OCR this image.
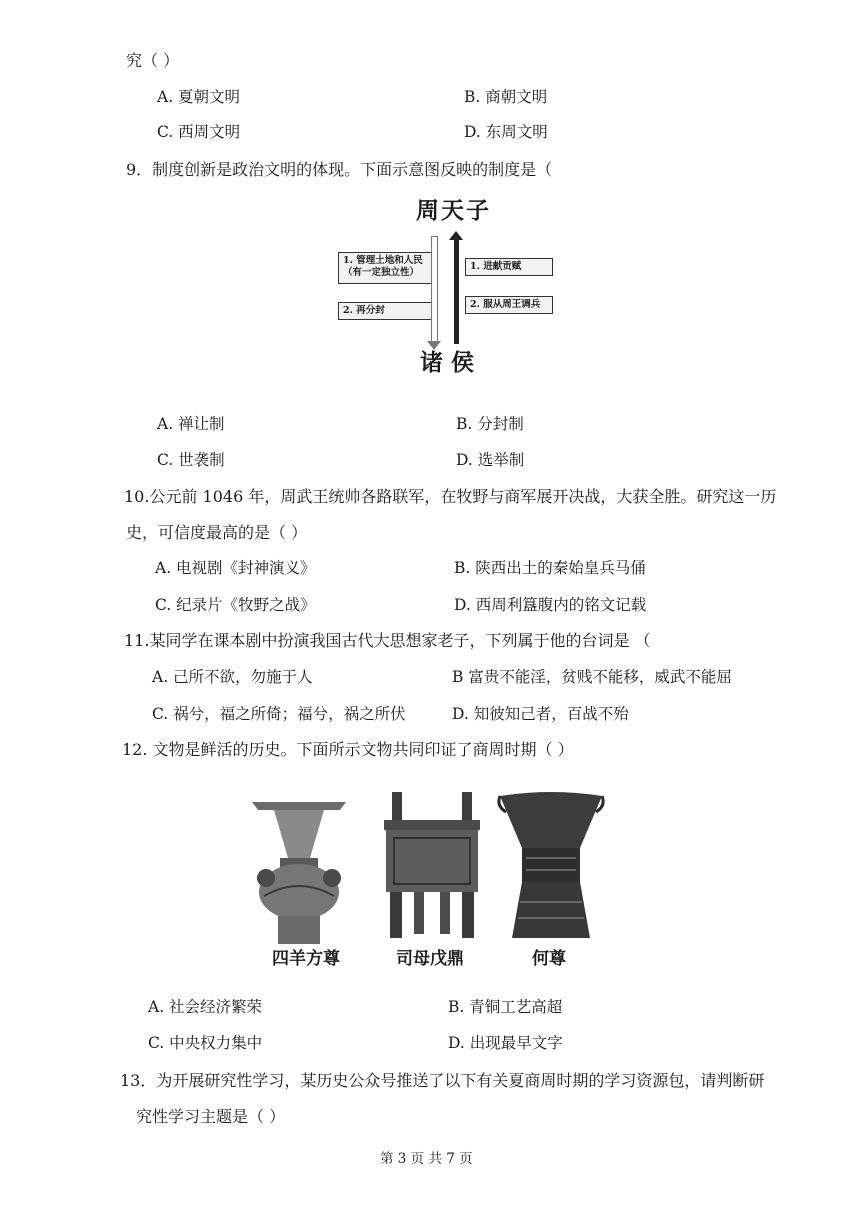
究（ ）
A. 夏朝文明	B. 商朝文明
C. 西周文明	D. 东周文明
9．制度创新是政治文明的体现。下面示意图反映的制度是（
周天子
1. 管理土地和人民
（有一定独立性）
2. 再分封
1. 进献贡赋
2. 服从周王调兵
诸侯
A. 禅让制	B. 分封制
C. 世袭制	D. 选举制
10.公元前 1046 年，周武王统帅各路联军，在牧野与商军展开决战，大获全胜。研究这一历
史，可信度最高的是（ ）
A. 电视剧《封神演义》	B. 陕西出土的秦始皇兵马俑
C. 纪录片《牧野之战》	D. 西周利簋腹内的铭文记载
11.某同学在课本剧中扮演我国古代大思想家老子，下列属于他的台词是 （
A. 己所不欲，勿施于人	B 富贵不能淫，贫贱不能移，威武不能屈
C. 祸兮，福之所倚；福兮，祸之所伏	D. 知彼知己者，百战不殆
12. 文物是鲜活的历史。下面所示文物共同印证了商周时期（ ）
四羊方尊	司母戊鼎	何尊
A. 社会经济繁荣	B. 青铜工艺高超
C. 中央权力集中	D. 出现最早文字
13．为开展研究性学习，某历史公众号推送了以下有关夏商周时期的学习资源包，请判断研
究性学习主题是（ ）
第 3 页 共 7 页
